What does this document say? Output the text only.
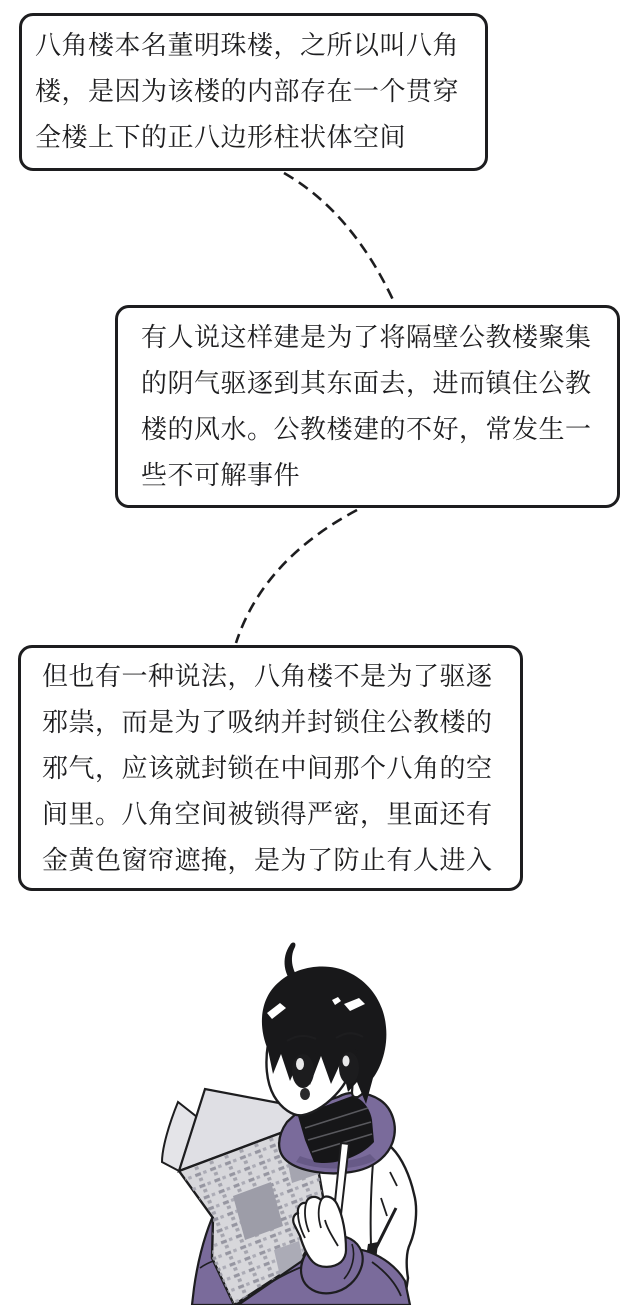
八角楼本名董明珠楼，之所以叫八角
楼，是因为该楼的内部存在一个贯穿
全楼上下的正八边形柱状体空间
有人说这样建是为了将隔壁公教楼聚集
的阴气驱逐到其东面去，进而镇住公教
楼的风水。公教楼建的不好，常发生一
些不可解事件
但也有一种说法，八角楼不是为了驱逐
邪祟，而是为了吸纳并封锁住公教楼的
邪气，应该就封锁在中间那个八角的空
间里。八角空间被锁得严密，里面还有
金黄色窗帘遮掩，是为了防止有人进入
